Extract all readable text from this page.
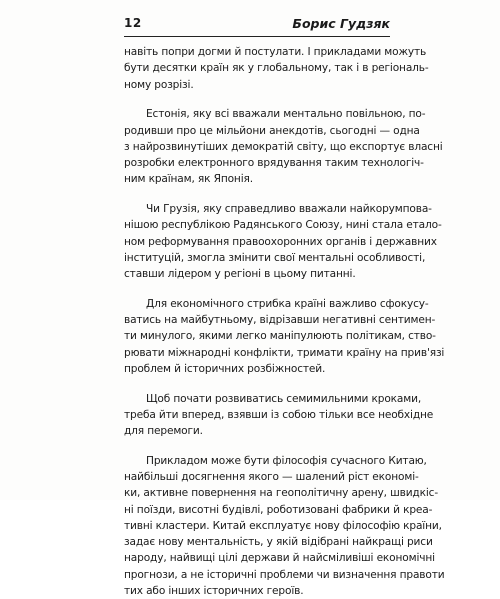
12	Борис Гудзяк
навіть попри догми й постулати. І прикладами можуть
бути десятки країн як у глобальному, так і в регіональ-
ному розрізі.
Естонія, яку всі вважали ментально повільною, по-
родивши про це мільйони анекдотів, сьогодні — одна
з найрозвинутіших демократій світу, що експортує власні
розробки електронного врядування таким технологіч-
ним країнам, як Японія.
Чи Грузія, яку справедливо вважали найкорумпова-
нішою республікою Радянського Союзу, нині стала етало-
ном реформування правоохоронних органів і державних
інституцій, змогла змінити свої ментальні особливості,
ставши лідером у регіоні в цьому питанні.
Для економічного стрибка країні важливо сфокусу-
ватись на майбутньому, відрізавши негативні сентимен-
ти минулого, якими легко маніпулюють політикам, ство-
рювати міжнародні конфлікти, тримати країну на прив'язі
проблем й історичних розбіжностей.
Щоб почати розвиватись семимильними кроками,
треба йти вперед, взявши із собою тільки все необхідне
для перемоги.
Прикладом може бути філософія сучасного Китаю,
найбільші досягнення якого — шалений ріст економі-
ки, активне повернення на геополітичну арену, швидкіс-
ні поїзди, висотні будівлі, роботизовані фабрики й креа-
тивні кластери. Китай експлуатує нову філософію країни,
задає нову ментальність, у якій відібрані найкращі риси
народу, найвищі цілі держави й найсміливіші економічні
прогнози, а не історичні проблеми чи визначення правоти
тих або інших історичних героїв.
